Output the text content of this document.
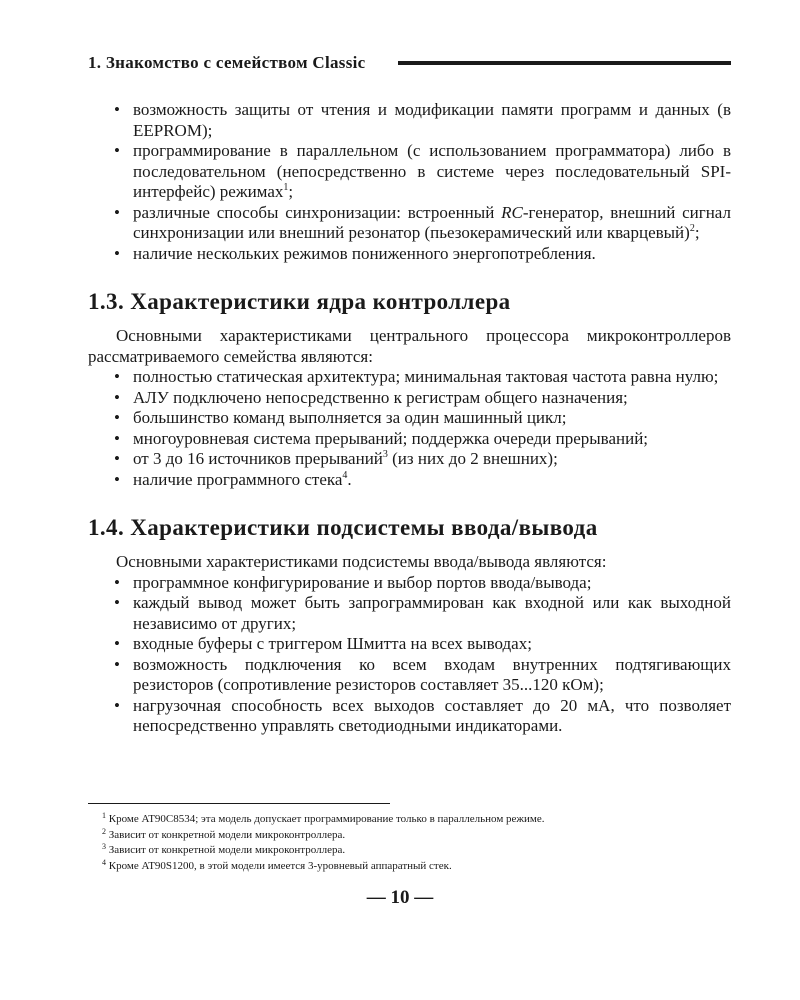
1. Знакомство с семейством Classic
• возможность защиты от чтения и модификации памяти программ и данных (в EEPROM);
• программирование в параллельном (с использованием программатора) либо в последовательном (непосредственно в системе через последовательный SPI-интерфейс) режимах$^1$;
• различные способы синхронизации: встроенный RC-генератор, внешний сигнал синхронизации или внешний резонатор (пьезокерамический или кварцевый)$^2$;
• наличие нескольких режимов пониженного энергопотребления.
1.3. Характеристики ядра контроллера

Основными характеристиками центрального процессора микроконтроллеров рассматриваемого семейства являются:

• полностью статическая архитектура; минимальная тактовая частота равна нулю;
• АЛУ подключено непосредственно к регистрам общего назначения;
• большинство команд выполняется за один машинный цикл;
• многоуровневая система прерываний; поддержка очереди прерываний;
• от 3 до 16 источников прерываний$^3$ (из них до 2 внешних);
• наличие программного стека$^4$.
1.4. Характеристики подсистемы ввода/вывода

Основными характеристиками подсистемы ввода/вывода являются:

• программное конфигурирование и выбор портов ввода/вывода;
• каждый вывод может быть запрограммирован как входной или как выходной независимо от других;
• входные буферы с триггером Шмитта на всех выводах;
• возможность подключения ко всем входам внутренних подтягивающих резисторов (сопротивление резисторов составляет 35...120 кОм);
• нагрузочная способность всех выходов составляет до 20 мА, что позволяет непосредственно управлять светодиодными индикаторами.
$^1$ Кроме AT90C8534; эта модель допускает программирование только в параллельном режиме.
$^2$ Зависит от конкретной модели микроконтроллера.
$^3$ Зависит от конкретной модели микроконтроллера.
$^4$ Кроме AT90S1200, в этой модели имеется 3-уровневый аппаратный стек.
— 10 —
